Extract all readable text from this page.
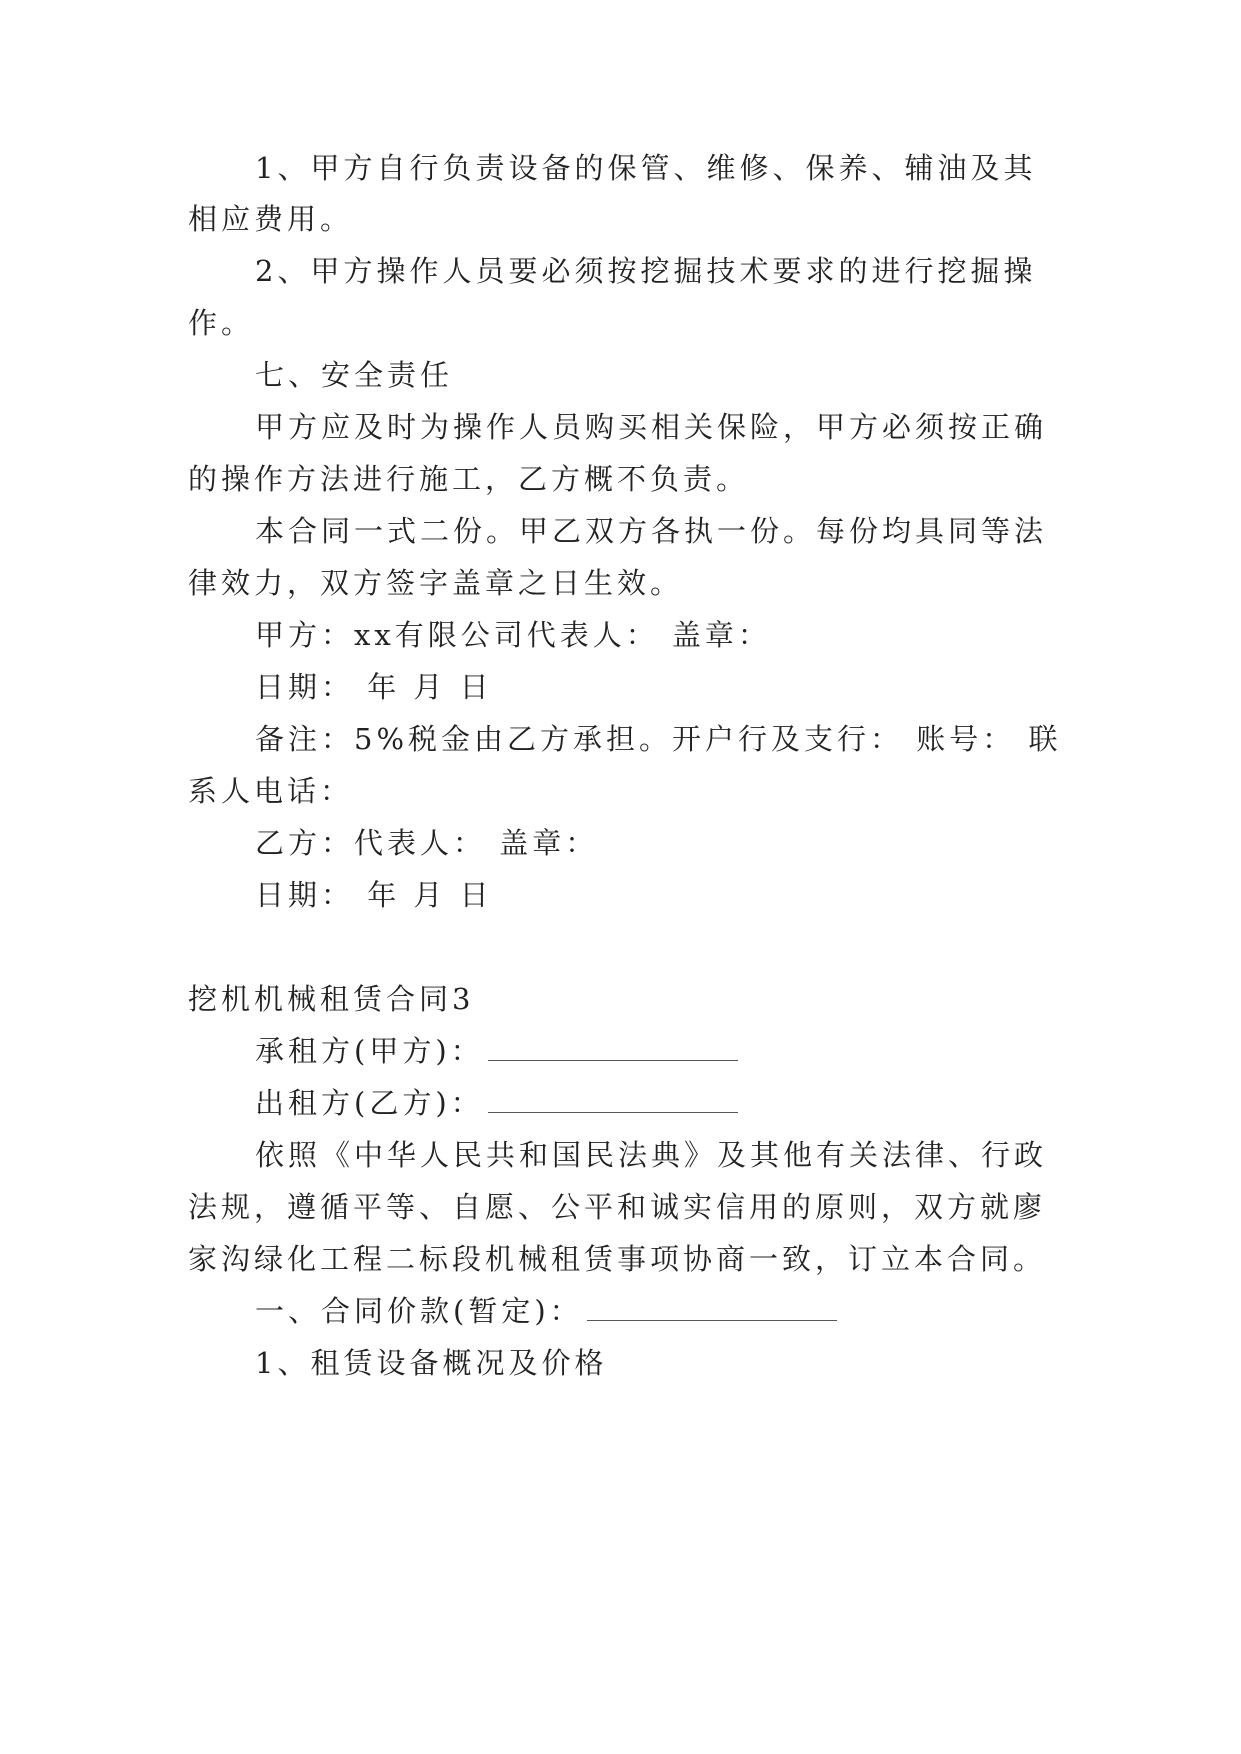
1、甲方自行负责设备的保管、维修、保养、辅油及其
相应费用。
2、甲方操作人员要必须按挖掘技术要求的进行挖掘操
作。
七、安全责任
甲方应及时为操作人员购买相关保险，甲方必须按正确
的操作方法进行施工，乙方概不负责。
本合同一式二份。甲乙双方各执一份。每份均具同等法
律效力，双方签字盖章之日生效。
甲方：xx有限公司代表人： 盖章：
日期： 年 月 日
备注：5%税金由乙方承担。开户行及支行： 账号： 联
系人电话：
乙方：代表人： 盖章：
日期： 年 月 日
挖机机械租赁合同3
承租方(甲方)：
出租方(乙方)：
依照《中华人民共和国民法典》及其他有关法律、行政
法规，遵循平等、自愿、公平和诚实信用的原则，双方就廖
家沟绿化工程二标段机械租赁事项协商一致，订立本合同。
一、合同价款(暂定)：
1、租赁设备概况及价格
